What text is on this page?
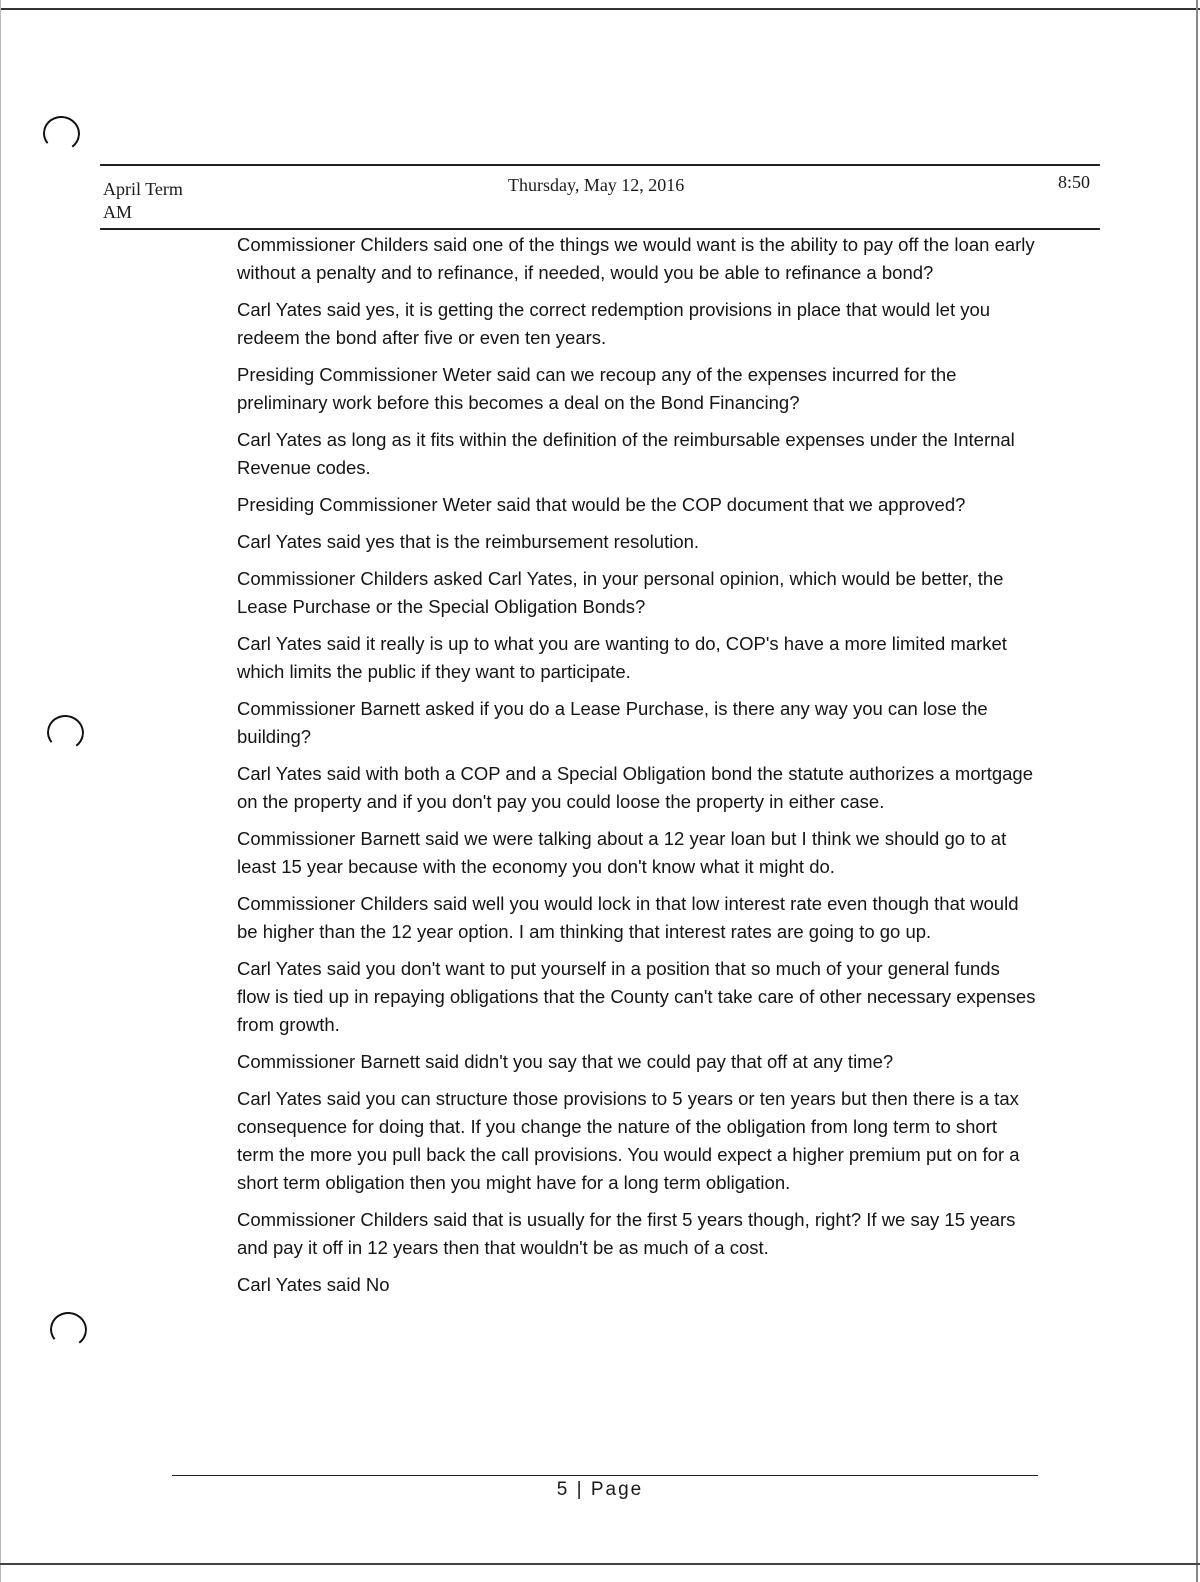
April Term	Thursday, May 12, 2016	8:50
AM

Commissioner Childers said one of the things we would want is the ability to pay off the loan early without a penalty and to refinance, if needed, would you be able to refinance a bond?

Carl Yates said yes, it is getting the correct redemption provisions in place that would let you redeem the bond after five or even ten years.

Presiding Commissioner Weter said can we recoup any of the expenses incurred for the preliminary work before this becomes a deal on the Bond Financing?

Carl Yates as long as it fits within the definition of the reimbursable expenses under the Internal Revenue codes.

Presiding Commissioner Weter said that would be the COP document that we approved?

Carl Yates said yes that is the reimbursement resolution.

Commissioner Childers asked Carl Yates, in your personal opinion, which would be better, the Lease Purchase or the Special Obligation Bonds?

Carl Yates said it really is up to what you are wanting to do, COP's have a more limited market which limits the public if they want to participate.

Commissioner Barnett asked if you do a Lease Purchase, is there any way you can lose the building?

Carl Yates said with both a COP and a Special Obligation bond the statute authorizes a mortgage on the property and if you don't pay you could loose the property in either case.

Commissioner Barnett said we were talking about a 12 year loan but I think we should go to at least 15 year because with the economy you don't know what it might do.

Commissioner Childers said well you would lock in that low interest rate even though that would be higher than the 12 year option. I am thinking that interest rates are going to go up.

Carl Yates said you don't want to put yourself in a position that so much of your general funds flow is tied up in repaying obligations that the County can't take care of other necessary expenses from growth.

Commissioner Barnett said didn't you say that we could pay that off at any time?

Carl Yates said you can structure those provisions to 5 years or ten years but then there is a tax consequence for doing that. If you change the nature of the obligation from long term to short term the more you pull back the call provisions. You would expect a higher premium put on for a short term obligation then you might have for a long term obligation.

Commissioner Childers said that is usually for the first 5 years though, right? If we say 15 years and pay it off in 12 years then that wouldn't be as much of a cost.

Carl Yates said No

5 | Page
